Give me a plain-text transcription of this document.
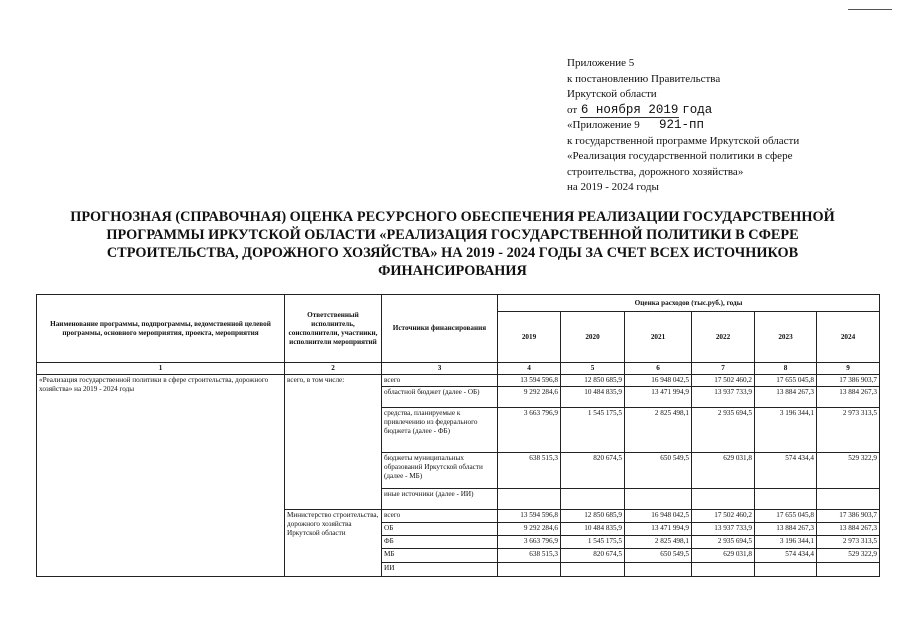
Приложение 5
к постановлению Правительства
Иркутской области
от 6 ноября 2019 года
«Приложение 9 921-пп
к государственной программе Иркутской области
«Реализация государственной политики в сфере
строительства, дорожного хозяйства»
на 2019 - 2024 годы
ПРОГНОЗНАЯ (СПРАВОЧНАЯ) ОЦЕНКА РЕСУРСНОГО ОБЕСПЕЧЕНИЯ РЕАЛИЗАЦИИ ГОСУДАРСТВЕННОЙ
ПРОГРАММЫ ИРКУТСКОЙ ОБЛАСТИ «РЕАЛИЗАЦИЯ ГОСУДАРСТВЕННОЙ ПОЛИТИКИ В СФЕРЕ
СТРОИТЕЛЬСТВА, ДОРОЖНОГО ХОЗЯЙСТВА» НА 2019 - 2024 ГОДЫ ЗА СЧЕТ ВСЕХ ИСТОЧНИКОВ
ФИНАНСИРОВАНИЯ
Наименование программы, подпрограммы, ведомственной целевой программы, основного мероприятия, проекта, мероприятия	Ответственный исполнитель, соисполнители, участники, исполнители мероприятий	Источники финансирования	Оценка расходов (тыс.руб.), годы					
			2019	2020	2021	2022	2023	2024
1	2	3	4	5	6	7	8	9
«Реализация государственной политики в сфере строительства, дорожного хозяйства» на 2019 - 2024 годы	всего, в том числе:	всего	13 594 596,8	12 850 685,9	16 948 042,5	17 502 460,2	17 655 045,8	17 386 903,7
		областной бюджет (далее - ОБ)	9 292 284,6	10 484 835,9	13 471 994,9	13 937 733,9	13 884 267,3	13 884 267,3
		средства, планируемые к привлечению из федерального бюджета (далее - ФБ)	3 663 796,9	1 545 175,5	2 825 498,1	2 935 694,5	3 196 344,1	2 973 313,5
		бюджеты муниципальных образований Иркутской области (далее - МБ)	638 515,3	820 674,5	650 549,5	629 031,8	574 434,4	529 322,9
		иные источники (далее - ИИ)						
	Министерство строительства, дорожного хозяйства Иркутской области	всего	13 594 596,8	12 850 685,9	16 948 042,5	17 502 460,2	17 655 045,8	17 386 903,7
		ОБ	9 292 284,6	10 484 835,9	13 471 994,9	13 937 733,9	13 884 267,3	13 884 267,3
		ФБ	3 663 796,9	1 545 175,5	2 825 498,1	2 935 694,5	3 196 344,1	2 973 313,5
		МБ	638 515,3	820 674,5	650 549,5	629 031,8	574 434,4	529 322,9
		ИИ						
